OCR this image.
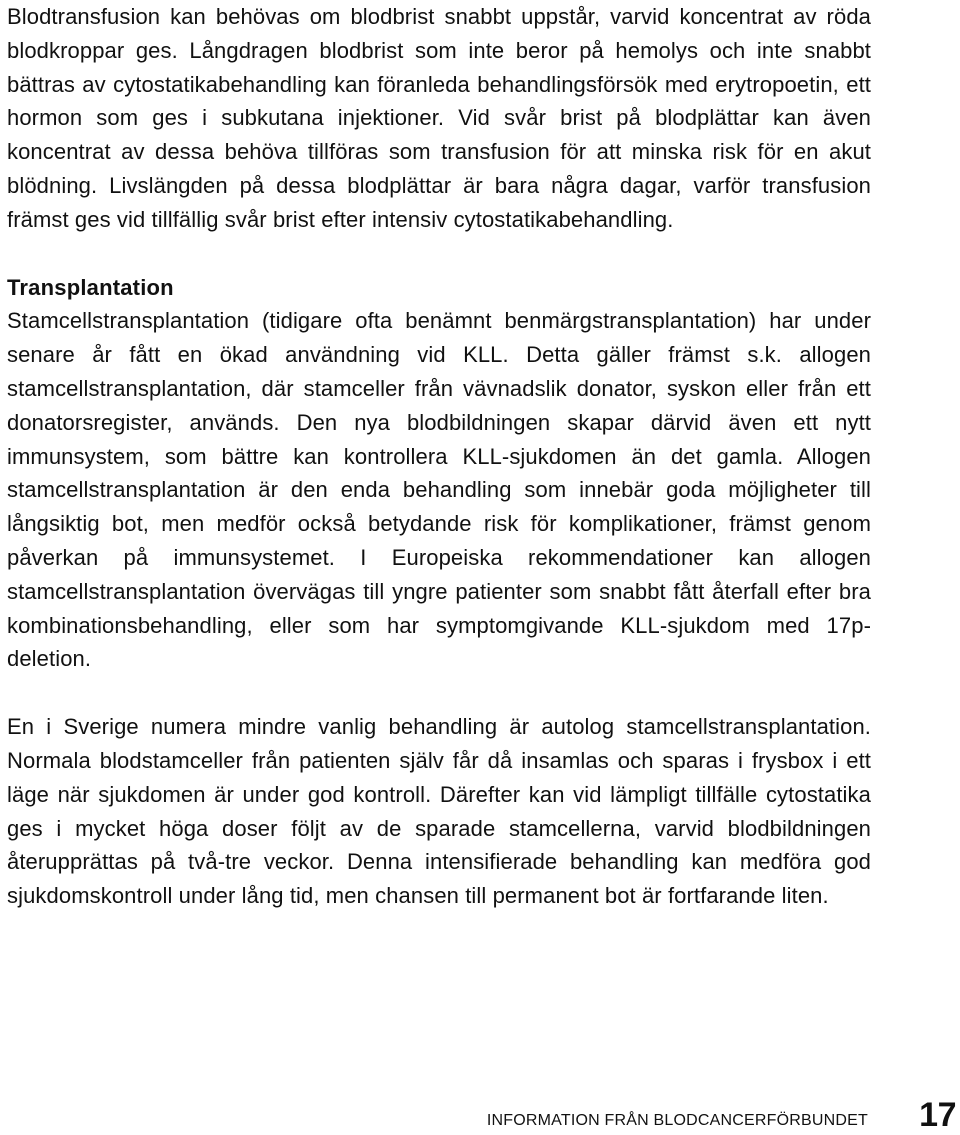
Blodtransfusion kan behövas om blodbrist snabbt uppstår, varvid koncentrat av röda blodkroppar ges. Långdragen blodbrist som inte beror på hemolys och inte snabbt bättras av cytostatikabehandling kan föranleda behandlingsförsök med erytropoetin, ett hormon som ges i subkutana injektioner. Vid svår brist på blodplättar kan även koncentrat av dessa behöva tillföras som transfusion för att minska risk för en akut blödning. Livslängden på dessa blodplättar är bara några dagar, varför transfusion främst ges vid tillfällig svår brist efter intensiv cytostatikabehandling.

Transplantation

Stamcellstransplantation (tidigare ofta benämnt benmärgstransplantation) har under senare år fått en ökad användning vid KLL. Detta gäller främst s.k. allogen stamcellstransplantation, där stamceller från vävnadslik donator, syskon eller från ett donatorsregister, används. Den nya blodbildningen skapar därvid även ett nytt immunsystem, som bättre kan kontrollera KLL-sjukdomen än det gamla. Allogen stamcellstransplantation är den enda behandling som innebär goda möjligheter till långsiktig bot, men medför också betydande risk för komplikationer, främst genom påverkan på immunsystemet. I Europeiska rekommendationer kan allogen stamcellstransplantation övervägas till yngre patienter som snabbt fått återfall efter bra kombinationsbehandling, eller som har symptomgivande KLL-sjukdom med 17p-deletion.

En i Sverige numera mindre vanlig behandling är autolog stamcellstransplantation. Normala blodstamceller från patienten själv får då insamlas och sparas i frysbox i ett läge när sjukdomen är under god kontroll. Därefter kan vid lämpligt tillfälle cytostatika ges i mycket höga doser följt av de sparade stamcellerna, varvid blodbildningen återupprättas på två-tre veckor. Denna intensifierade behandling kan medföra god sjukdomskontroll under lång tid, men chansen till permanent bot är fortfarande liten.

INFORMATION FRÅN BLODCANCERFÖRBUNDET 17
